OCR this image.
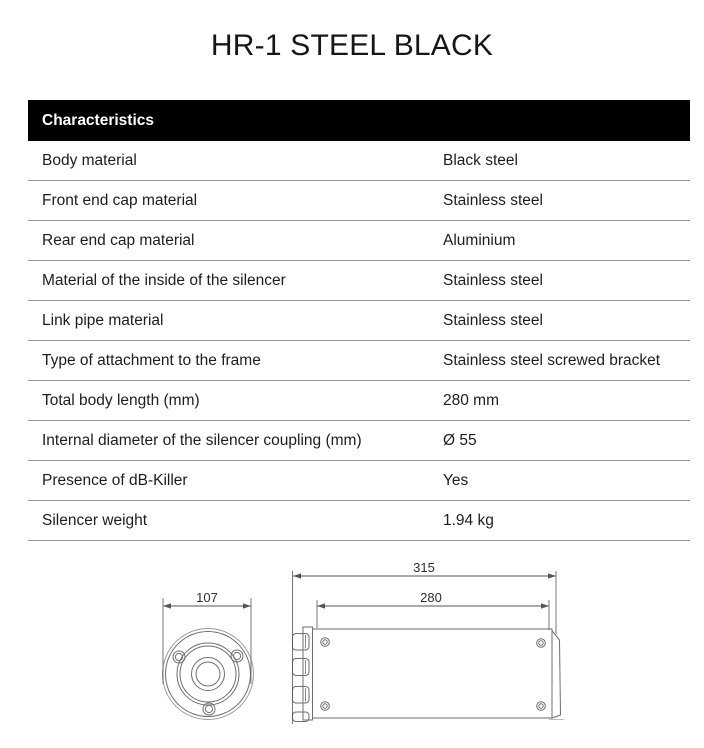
HR-1 STEEL BLACK
Characteristics
Body material	Black steel
Front end cap material	Stainless steel
Rear end cap material	Aluminium
Material of the inside of the silencer	Stainless steel
Link pipe material	Stainless steel
Type of attachment to the frame	Stainless steel screwed bracket
Total body length (mm)	280 mm
Internal diameter of the silencer coupling (mm)	Ø 55
Presence of dB-Killer	Yes
Silencer weight	1.94 kg
107
315
280
